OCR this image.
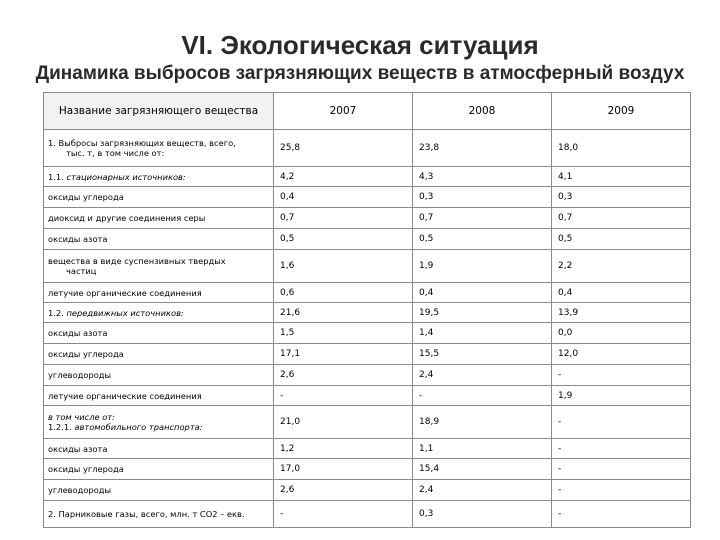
VI. Экологическая ситуация
Динамика выбросов загрязняющих веществ в атмосферный воздух
Название загрязняющего вещества	2007	2008	2009
1. Выбросы загрязняющих веществ, всего,

тыс. т, в том числе от:	25,8	23,8	18,0
1.1. стационарных источников:	4,2	4,3	4,1
оксиды углерода	0,4	0,3	0,3
диоксид и другие соединения серы	0,7	0,7	0,7
оксиды азота	0,5	0,5	0,5
вещества в виде суспензивных твердых

частиц	1,6	1,9	2,2
летучие органические соединения	0,6	0,4	0,4
1.2. передвижных источников:	21,6	19,5	13,9
оксиды азота	1,5	1,4	0,0
оксиды углерода	17,1	15,5	12,0
углеводороды	2,6	2,4	-
летучие органические соединения	-	-	1,9
в том числе от:
1.2.1. автомобильного транспорта:	21,0	18,9	-
оксиды азота	1,2	1,1	-
оксиды углерода	17,0	15,4	-
углеводороды	2,6	2,4	-
2. Парниковые газы, всего, млн. т СО2 – екв.	-	0,3	-
